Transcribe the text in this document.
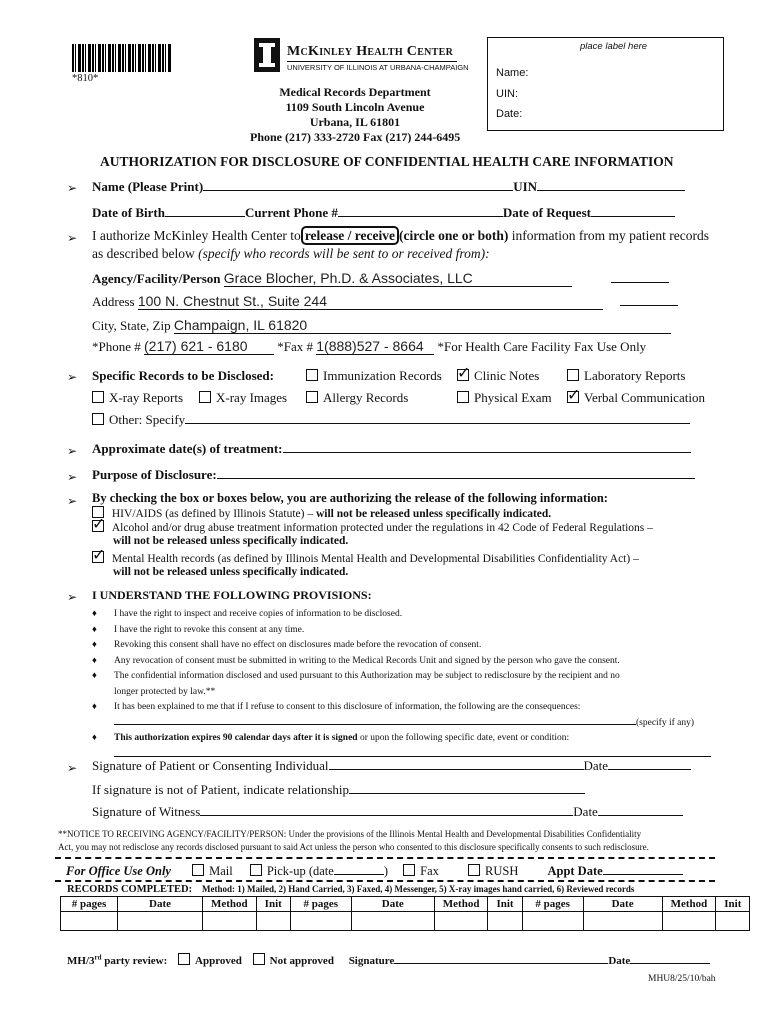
*810*
McKinley Health Center
UNIVERSITY OF ILLINOIS AT URBANA-CHAMPAIGN
Medical Records Department
1109 South Lincoln Avenue
Urbana, IL 61801
Phone (217) 333-2720 Fax (217) 244-6495
place label here
Name:
UIN:
Date:
AUTHORIZATION FOR DISCLOSURE OF CONFIDENTIAL HEALTH CARE INFORMATION
➢ Name (Please Print)	UIN
Date of Birth	Current Phone #	Date of Request
➢ I authorize McKinley Health Center to release / receive (circle one or both) information from my patient records
as described below (specify who records will be sent to or received from):
Agency/Facility/Person Grace Blocher, Ph.D. & Associates, LLC
Address 100 N. Chestnut St., Suite 244
City, State, Zip Champaign, IL 61820
*Phone # (217) 621 - 6180 *Fax # 1(888)527 - 8664 *For Health Care Facility Fax Use Only
➢ Specific Records to be Disclosed:	Immunization Records ✓	Clinic Notes	Laboratory Reports
X-ray Reports	X-ray Images	Allergy Records	Physical Exam ✓	Verbal Communication
Other: Specify
➢ Approximate date(s) of treatment:
➢ Purpose of Disclosure:
➢ By checking the box or boxes below, you are authorizing the release of the following information:
HIV/AIDS (as defined by Illinois Statute) – will not be released unless specifically indicated.
✓ Alcohol and/or drug abuse treatment information protected under the regulations in 42 Code of Federal Regulations –
will not be released unless specifically indicated.
✓ Mental Health records (as defined by Illinois Mental Health and Developmental Disabilities Confidentiality Act) –
will not be released unless specifically indicated.
➢ I UNDERSTAND THE FOLLOWING PROVISIONS:
♦ I have the right to inspect and receive copies of information to be disclosed.
♦ I have the right to revoke this consent at any time.
♦ Revoking this consent shall have no effect on disclosures made before the revocation of consent.
♦ Any revocation of consent must be submitted in writing to the Medical Records Unit and signed by the person who gave the consent.
♦ The confidential information disclosed and used pursuant to this Authorization may be subject to redisclosure by the recipient and no
longer protected by law.**
♦ It has been explained to me that if I refuse to consent to this disclosure of information, the following are the consequences:
(specify if any)
♦ This authorization expires 90 calendar days after it is signed or upon the following specific date, event or condition:
➢ Signature of Patient or Consenting Individual	Date
If signature is not of Patient, indicate relationship
Signature of Witness	Date
**NOTICE TO RECEIVING AGENCY/FACILITY/PERSON: Under the provisions of the Illinois Mental Health and Developmental Disabilities Confidentiality
Act, you may not redisclose any records disclosed pursuant to said Act unless the person who consented to this disclosure specifically consents to such redisclosure.
For Office Use Only	Mail	Pick-up (date	) Fax	RUSH Appt Date
RECORDS COMPLETED: Method: 1) Mailed, 2) Hand Carried, 3) Faxed, 4) Messenger, 5) X-ray images hand carried, 6) Reviewed records
# pages	Date	Method	Init	# pages	Date	Method	Init	# pages	Date	Method	Init

MH/3rd party review:	Approved	Not approved Signature	Date
MHU8/25/10/bah
